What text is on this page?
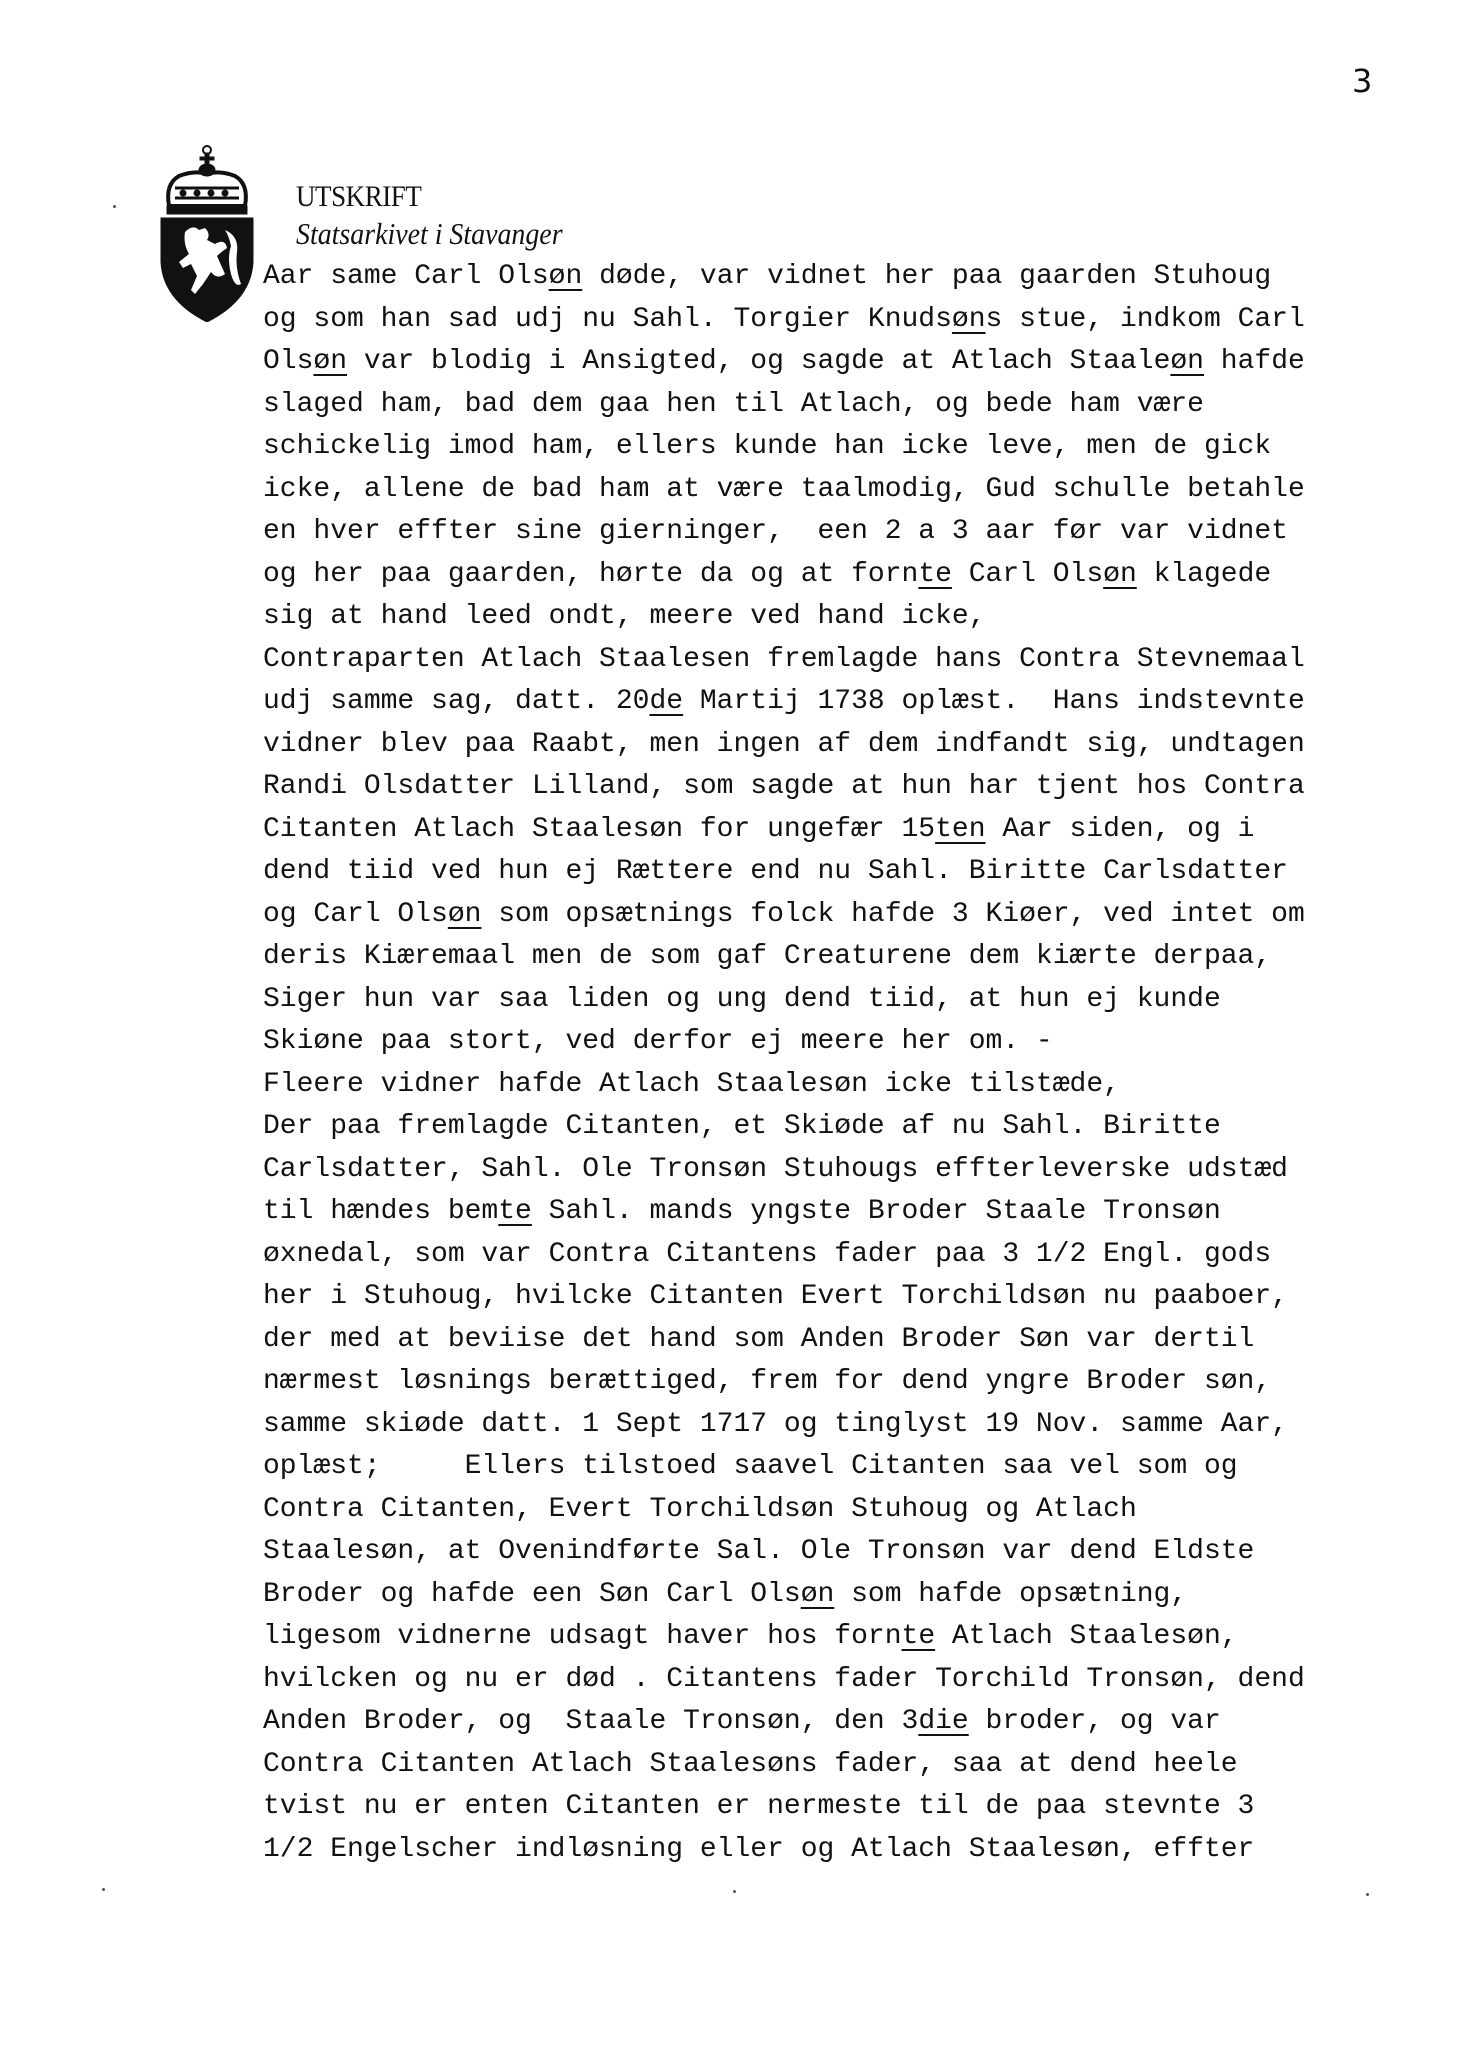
3
UTSKRIFT
Statsarkivet i Stavanger
Aar same Carl Olsøn døde, var vidnet her paa gaarden Stuhoug
og som han sad udj nu Sahl. Torgier Knudsøns stue, indkom Carl
Olsøn var blodig i Ansigted, og sagde at Atlach Staaleøn hafde
slaged ham, bad dem gaa hen til Atlach, og bede ham være
schickelig imod ham, ellers kunde han icke leve, men de gick
icke, allene de bad ham at være taalmodig, Gud schulle betahle
en hver effter sine gierninger,  een 2 a 3 aar før var vidnet
og her paa gaarden, hørte da og at fornte Carl Olsøn klagede
sig at hand leed ondt, meere ved hand icke,
Contraparten Atlach Staalesen fremlagde hans Contra Stevnemaal
udj samme sag, datt. 20de Martij 1738 oplæst.  Hans indstevnte
vidner blev paa Raabt, men ingen af dem indfandt sig, undtagen
Randi Olsdatter Lilland, som sagde at hun har tjent hos Contra
Citanten Atlach Staalesøn for ungefær 15ten Aar siden, og i
dend tiid ved hun ej Rættere end nu Sahl. Biritte Carlsdatter
og Carl Olsøn som opsætnings folck hafde 3 Kiøer, ved intet om
deris Kiæremaal men de som gaf Creaturene dem kiærte derpaa,
Siger hun var saa liden og ung dend tiid, at hun ej kunde
Skiøne paa stort, ved derfor ej meere her om. -
Fleere vidner hafde Atlach Staalesøn icke tilstæde,
Der paa fremlagde Citanten, et Skiøde af nu Sahl. Biritte
Carlsdatter, Sahl. Ole Tronsøn Stuhougs effterleverske udstæd
til hændes bemte Sahl. mands yngste Broder Staale Tronsøn
øxnedal, som var Contra Citantens fader paa 3 1/2 Engl. gods
her i Stuhoug, hvilcke Citanten Evert Torchildsøn nu paaboer,
der med at beviise det hand som Anden Broder Søn var dertil
nærmest løsnings berættiged, frem for dend yngre Broder søn,
samme skiøde datt. 1 Sept 1717 og tinglyst 19 Nov. samme Aar,
oplæst;     Ellers tilstoed saavel Citanten saa vel som og
Contra Citanten, Evert Torchildsøn Stuhoug og Atlach
Staalesøn, at Ovenindførte Sal. Ole Tronsøn var dend Eldste
Broder og hafde een Søn Carl Olsøn som hafde opsætning,
ligesom vidnerne udsagt haver hos fornte Atlach Staalesøn,
hvilcken og nu er død . Citantens fader Torchild Tronsøn, dend
Anden Broder, og  Staale Tronsøn, den 3die broder, og var
Contra Citanten Atlach Staalesøns fader, saa at dend heele
tvist nu er enten Citanten er nermeste til de paa stevnte 3
1/2 Engelscher indløsning eller og Atlach Staalesøn, effter
